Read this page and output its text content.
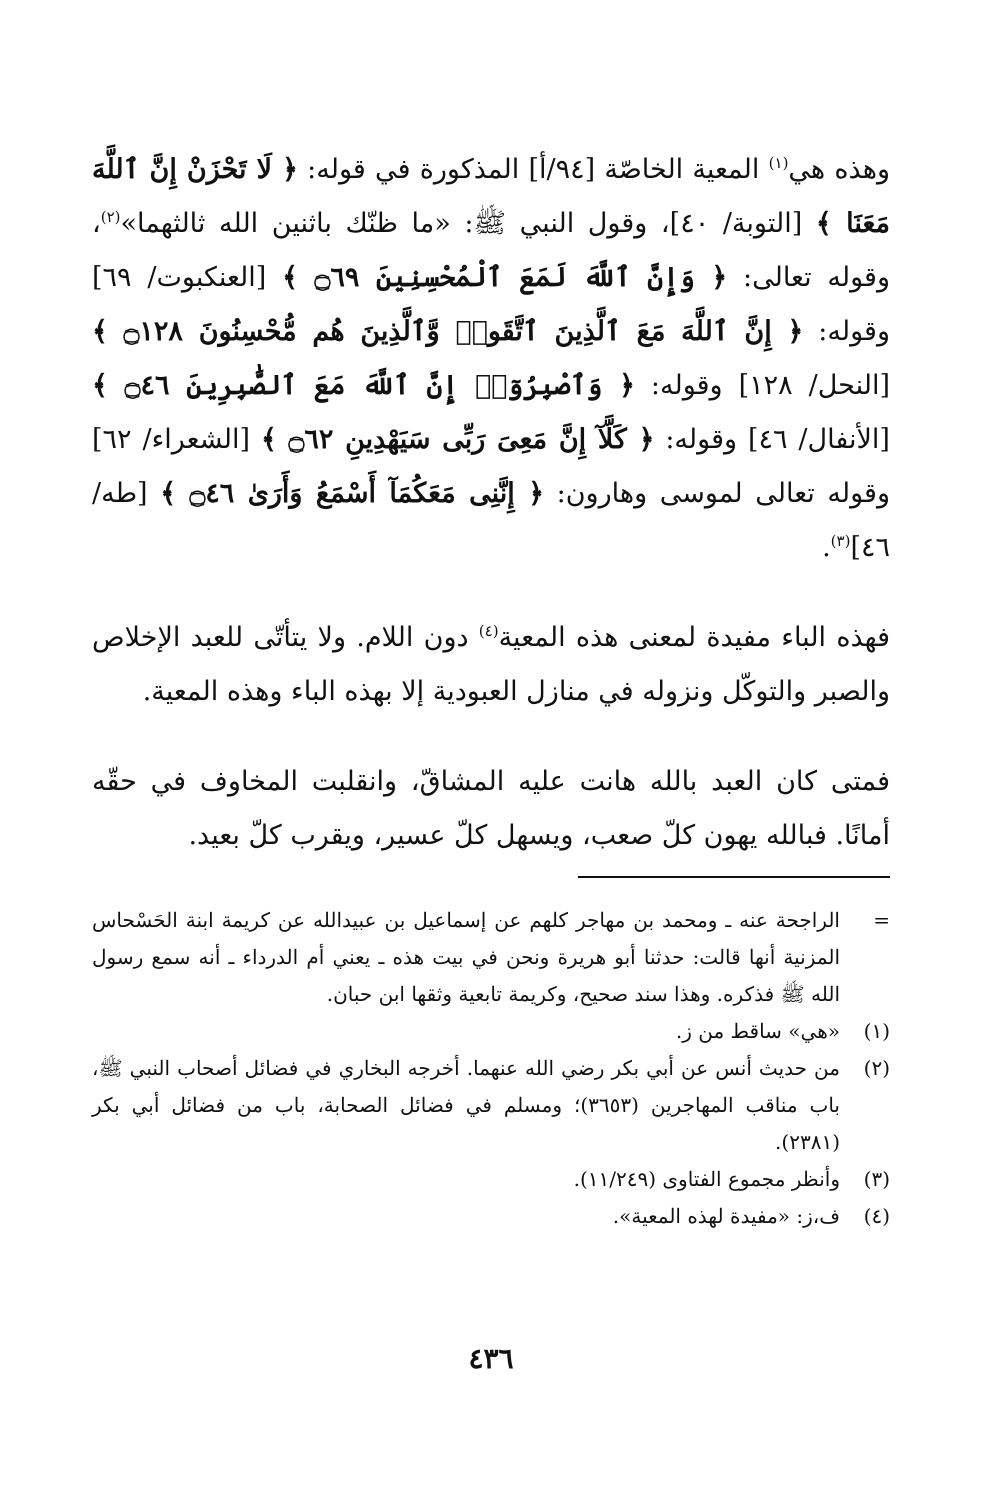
وهذه هي$^{(١)}$ المعية الخاصّة [٩٤/أ] المذكورة في قوله: ﴿ لَا تَحْزَنْ إِنَّ ٱللَّهَ مَعَنَا ﴾ [التوبة/ ٤٠]، وقول النبي ﷺ: «ما ظنّك باثنين الله ثالثهما»$^{(٢)}$، وقوله تعالى: ﴿ وَإِنَّ ٱللَّهَ لَمَعَ ٱلْمُحْسِنِينَ ۝٦٩ ﴾ [العنكبوت/ ٦٩] وقوله: ﴿ إِنَّ ٱللَّهَ مَعَ ٱلَّذِينَ ٱتَّقَوا۟ وَّٱلَّذِينَ هُم مُّحْسِنُونَ ۝١٢٨ ﴾ [النحل/ ١٢٨] وقوله: ﴿ وَٱصْبِرُوٓا۟ إِنَّ ٱللَّهَ مَعَ ٱلصَّٰبِرِينَ ۝٤٦ ﴾ [الأنفال/ ٤٦] وقوله: ﴿ كَلَّآ إِنَّ مَعِىَ رَبِّى سَيَهْدِينِ ۝٦٢ ﴾ [الشعراء/ ٦٢] وقوله تعالى لموسى وهارون: ﴿ إِنَّنِى مَعَكُمَآ أَسْمَعُ وَأَرَىٰ ۝٤٦ ﴾ [طه/ ٤٦]$^{(٣)}$.

فهذه الباء مفيدة لمعنى هذه المعية$^{(٤)}$ دون اللام. ولا يتأتّى للعبد الإخلاص والصبر والتوكّل ونزوله في منازل العبودية إلا بهذه الباء وهذه المعية.

فمتى كان العبد بالله هانت عليه المشاقّ، وانقلبت المخاوف في حقّه أمانًا. فبالله يهون كلّ صعب، ويسهل كلّ عسير، ويقرب كلّ بعيد.

=
الراجحة عنه ـ ومحمد بن مهاجر كلهم عن إسماعيل بن عبيدالله عن كريمة ابنة الحَسْحاس المزنية أنها قالت: حدثنا أبو هريرة ونحن في بيت هذه ـ يعني أم الدرداء ـ أنه سمع رسول الله ﷺ فذكره. وهذا سند صحيح، وكريمة تابعية وثقها ابن حبان.
(١)
«هي» ساقط من ز.
(٢)
من حديث أنس عن أبي بكر رضي الله عنهما. أخرجه البخاري في فضائل أصحاب النبي ﷺ، باب مناقب المهاجرين (٣٦٥٣)؛ ومسلم في فضائل الصحابة، باب من فضائل أبي بكر (٢٣٨١).
(٣)
وأنظر مجموع الفتاوى (١١/٢٤٩).
(٤)
ف،ز: «مفيدة لهذه المعية».
٤٣٦
